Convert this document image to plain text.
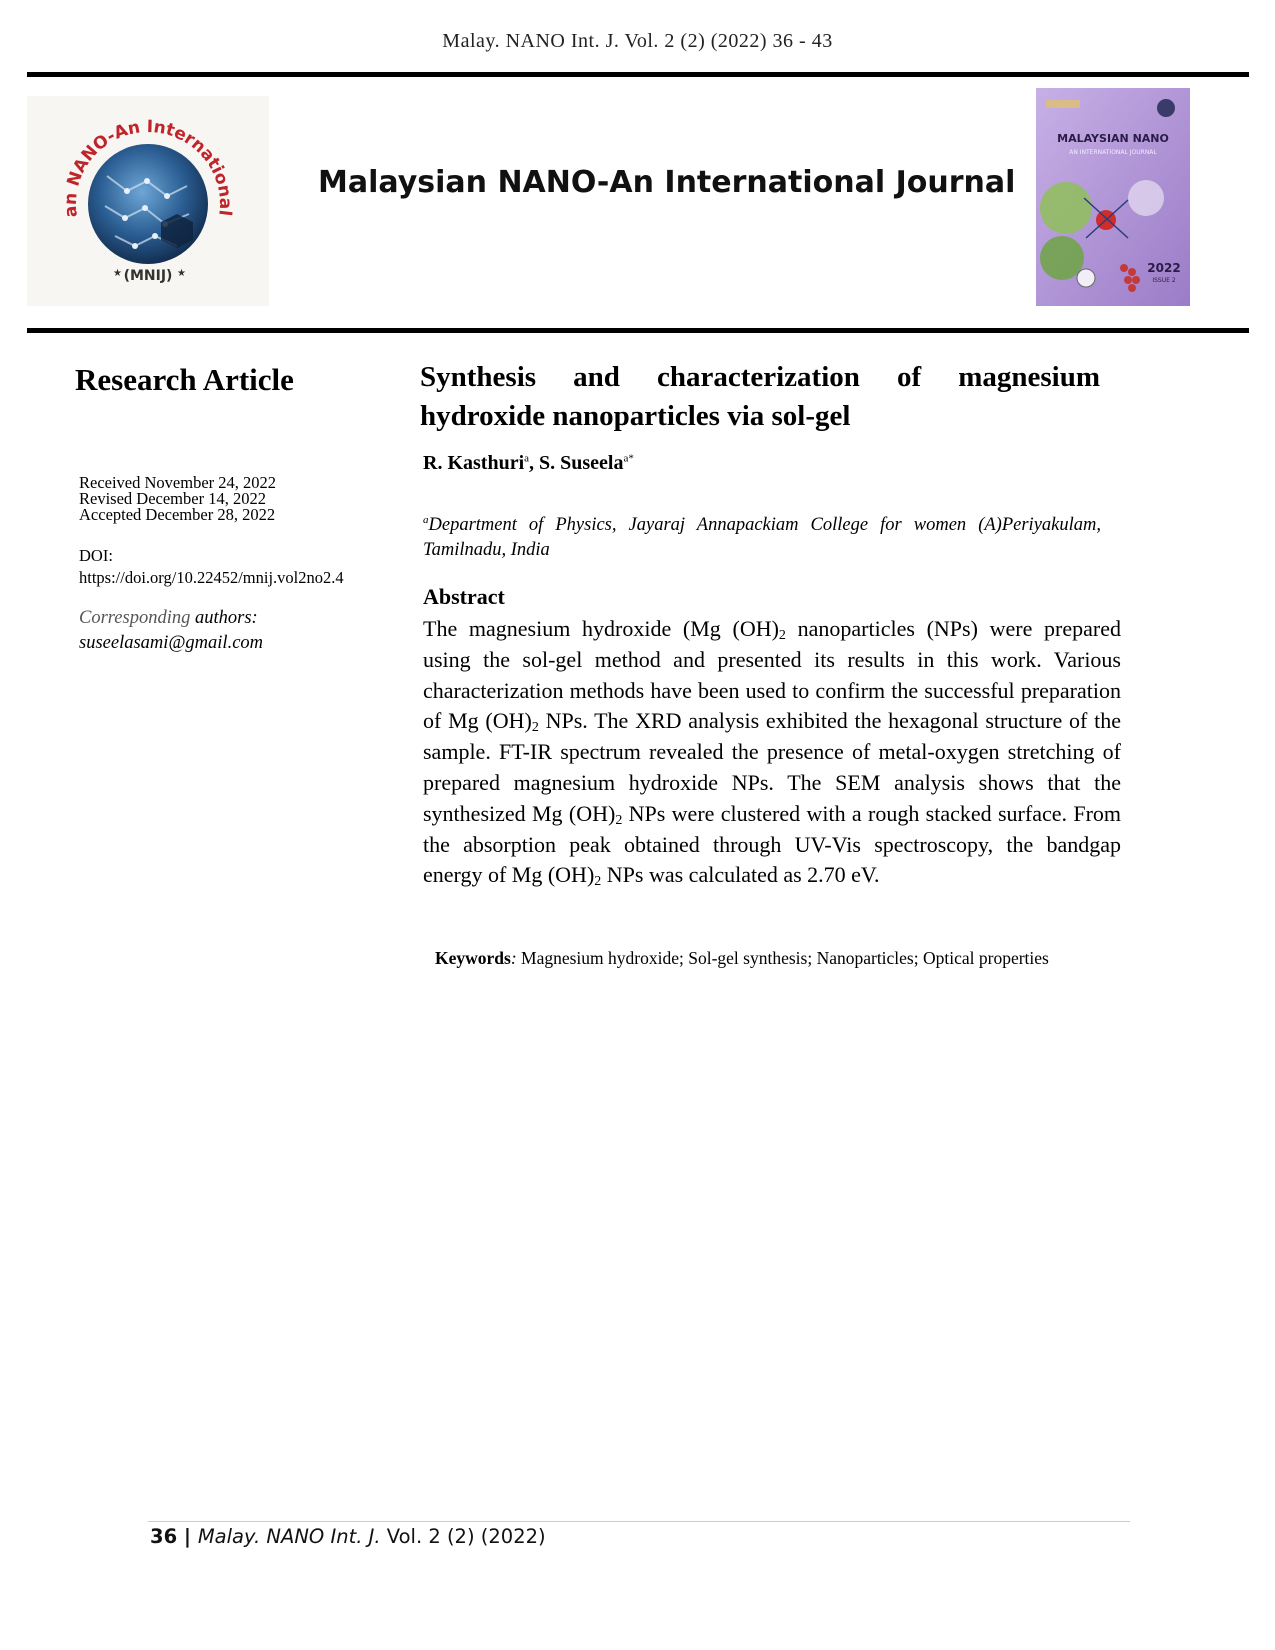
Malay. NANO Int. J. Vol. 2 (2) (2022) 36 - 43
an NANO-An International
(MNIJ)
★	★
Malaysian NANO-An International Journal
MALAYSIAN NANO
AN INTERNATIONAL JOURNAL
2022
ISSUE 2
Research Article
Received November 24, 2022
Revised December 14, 2022
Accepted December 28, 2022
DOI:
https://doi.org/10.22452/mnij.vol2no2.4
Corresponding authors:
suseelasami@gmail.com
Synthesis and characterization of magnesium hydroxide nanoparticles via sol-gel
R. Kasthuri$^a$, S. Suseela$^{a*}$
$^a$Department of Physics, Jayaraj Annapackiam College for women (A)Periyakulam, Tamilnadu, India
Abstract
The magnesium hydroxide (Mg $(OH)_2$ nanoparticles (NPs) were prepared using the sol-gel method and presented its results in this work. Various characterization methods have been used to confirm the successful preparation of Mg $(OH)_2$ NPs. The XRD analysis exhibited the hexagonal structure of the sample. FT-IR spectrum revealed the presence of metal-oxygen stretching of prepared magnesium hydroxide NPs. The SEM analysis shows that the synthesized Mg $(OH)_2$ NPs were clustered with a rough stacked surface. From the absorption peak obtained through UV-Vis spectroscopy, the bandgap energy of Mg $(OH)_2$ NPs was calculated as 2.70 eV.
Keywords: Magnesium hydroxide; Sol-gel synthesis; Nanoparticles; Optical properties
36 | Malay. NANO Int. J. Vol. 2 (2) (2022)
